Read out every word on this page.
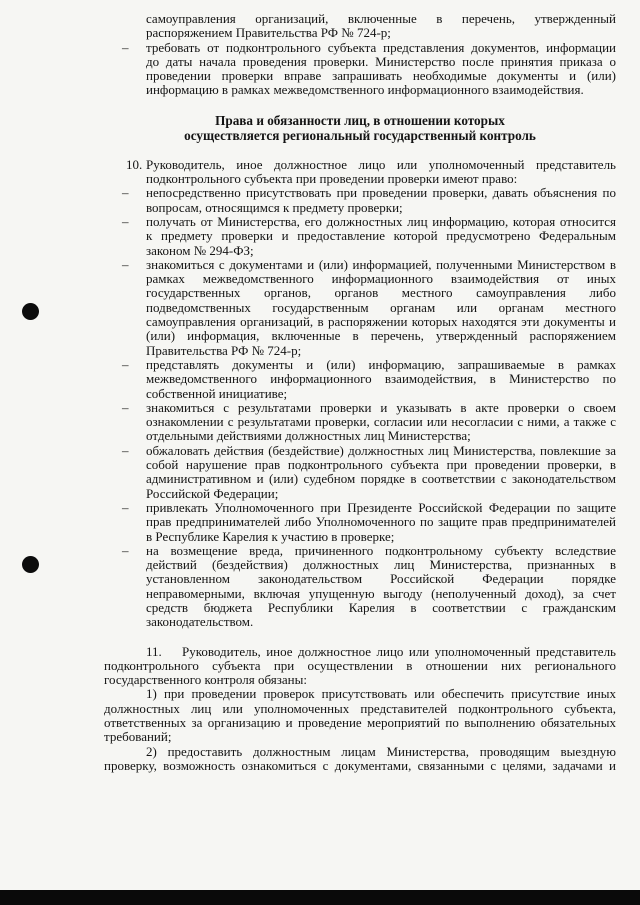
самоуправления организаций, включенные в перечень, утвержденный
распоряжением Правительства РФ № 724-р;
– требовать от подконтрольного субъекта представления документов, информации
до даты начала проведения проверки. Министерство после принятия приказа о
проведении проверки вправе запрашивать необходимые документы и (или)
информацию в рамках межведомственного информационного взаимодействия.
Права и обязанности лиц, в отношении которых
осуществляется региональный государственный контроль
10. Руководитель, иное должностное лицо или уполномоченный представитель
подконтрольного субъекта при проведении проверки имеют право:
– непосредственно присутствовать при проведении проверки, давать объяснения по
вопросам, относящимся к предмету проверки;
– получать от Министерства, его должностных лиц информацию, которая относится
к предмету проверки и предоставление которой предусмотрено Федеральным
законом № 294-ФЗ;
– знакомиться с документами и (или) информацией, полученными Министерством в
рамках межведомственного информационного взаимодействия от иных
государственных органов, органов местного самоуправления либо
подведомственных государственным органам или органам местного
самоуправления организаций, в распоряжении которых находятся эти документы и
(или) информация, включенные в перечень, утвержденный распоряжением
Правительства РФ № 724-р;
– представлять документы и (или) информацию, запрашиваемые в рамках
межведомственного информационного взаимодействия, в Министерство по
собственной инициативе;
– знакомиться с результатами проверки и указывать в акте проверки о своем
ознакомлении с результатами проверки, согласии или несогласии с ними, а также с
отдельными действиями должностных лиц Министерства;
– обжаловать действия (бездействие) должностных лиц Министерства, повлекшие за
собой нарушение прав подконтрольного субъекта при проведении проверки, в
административном и (или) судебном порядке в соответствии с законодательством
Российской Федерации;
– привлекать Уполномоченного при Президенте Российской Федерации по защите
прав предпринимателей либо Уполномоченного по защите прав предпринимателей
в Республике Карелия к участию в проверке;
– на возмещение вреда, причиненного подконтрольному субъекту вследствие
действий (бездействия) должностных лиц Министерства, признанных в
установленном законодательством Российской Федерации порядке
неправомерными, включая упущенную выгоду (неполученный доход), за счет
средств бюджета Республики Карелия в соответствии с гражданским
законодательством.
11.	Руководитель, иное должностное лицо или уполномоченный представитель
подконтрольного субъекта при осуществлении в отношении них регионального
государственного контроля обязаны:
1) при проведении проверок присутствовать или обеспечить присутствие иных
должностных лиц или уполномоченных представителей подконтрольного субъекта,
ответственных за организацию и проведение мероприятий по выполнению обязательных
требований;
2) предоставить должностным лицам Министерства, проводящим выездную
проверку, возможность ознакомиться с документами, связанными с целями, задачами и
